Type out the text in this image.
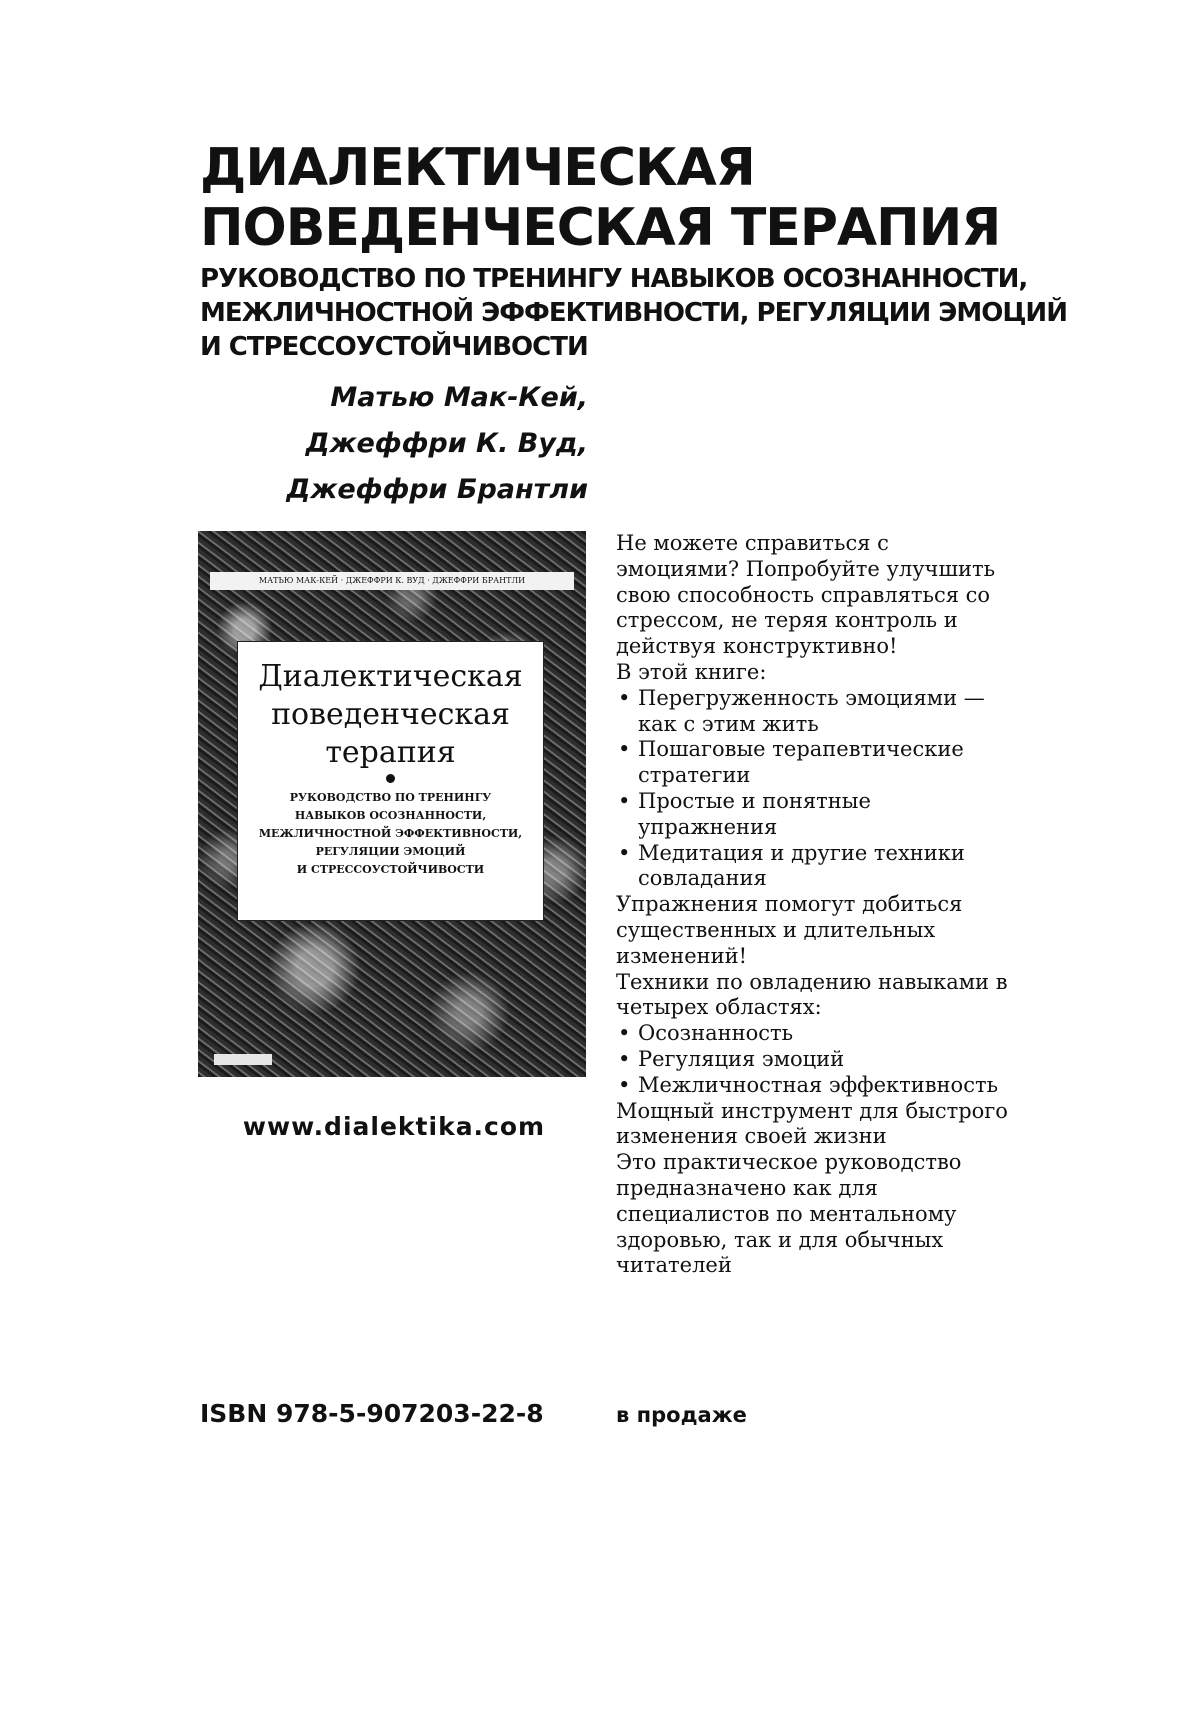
ДИАЛЕКТИЧЕСКАЯ
ПОВЕДЕНЧЕСКАЯ ТЕРАПИЯ
РУКОВОДСТВО ПО ТРЕНИНГУ НАВЫКОВ ОСОЗНАННОСТИ,
МЕЖЛИЧНОСТНОЙ ЭФФЕКТИВНОСТИ, РЕГУЛЯЦИИ ЭМОЦИЙ
И СТРЕССОУСТОЙЧИВОСТИ
Матью Мак-Кей,
Джеффри К. Вуд,
Джеффри Брантли
МАТЬЮ МАК-КЕЙ · ДЖЕФФРИ К. ВУД · ДЖЕФФРИ БРАНТЛИ
Диалектическая
поведенческая
терапия
РУКОВОДСТВО ПО ТРЕНИНГУ
НАВЫКОВ ОСОЗНАННОСТИ,
МЕЖЛИЧНОСТНОЙ ЭФФЕКТИВНОСТИ,
РЕГУЛЯЦИИ ЭМОЦИЙ
И СТРЕССОУСТОЙЧИВОСТИ

www.dialektika.com

Не можете справиться с эмоциями? Попробуйте улучшить свою способность справляться со стрессом, не теряя контроль и действуя конструктивно!

В этой книге:

• Перегруженность эмоциями — как с этим жить
• Пошаговые терапевтические стратегии
• Простые и понятные упражнения
• Медитация и другие техники совладания

Упражнения помогут добиться существенных и длительных изменений!

Техники по овладению навыками в четырех областях:

• Осознанность
• Регуляция эмоций
• Межличностная эффективность

Мощный инструмент для быстрого изменения своей жизни

Это практическое руководство предназначено как для специалистов по ментальному здоровью, так и для обычных читателей

ISBN 978-5-907203-22-8	в продаже
